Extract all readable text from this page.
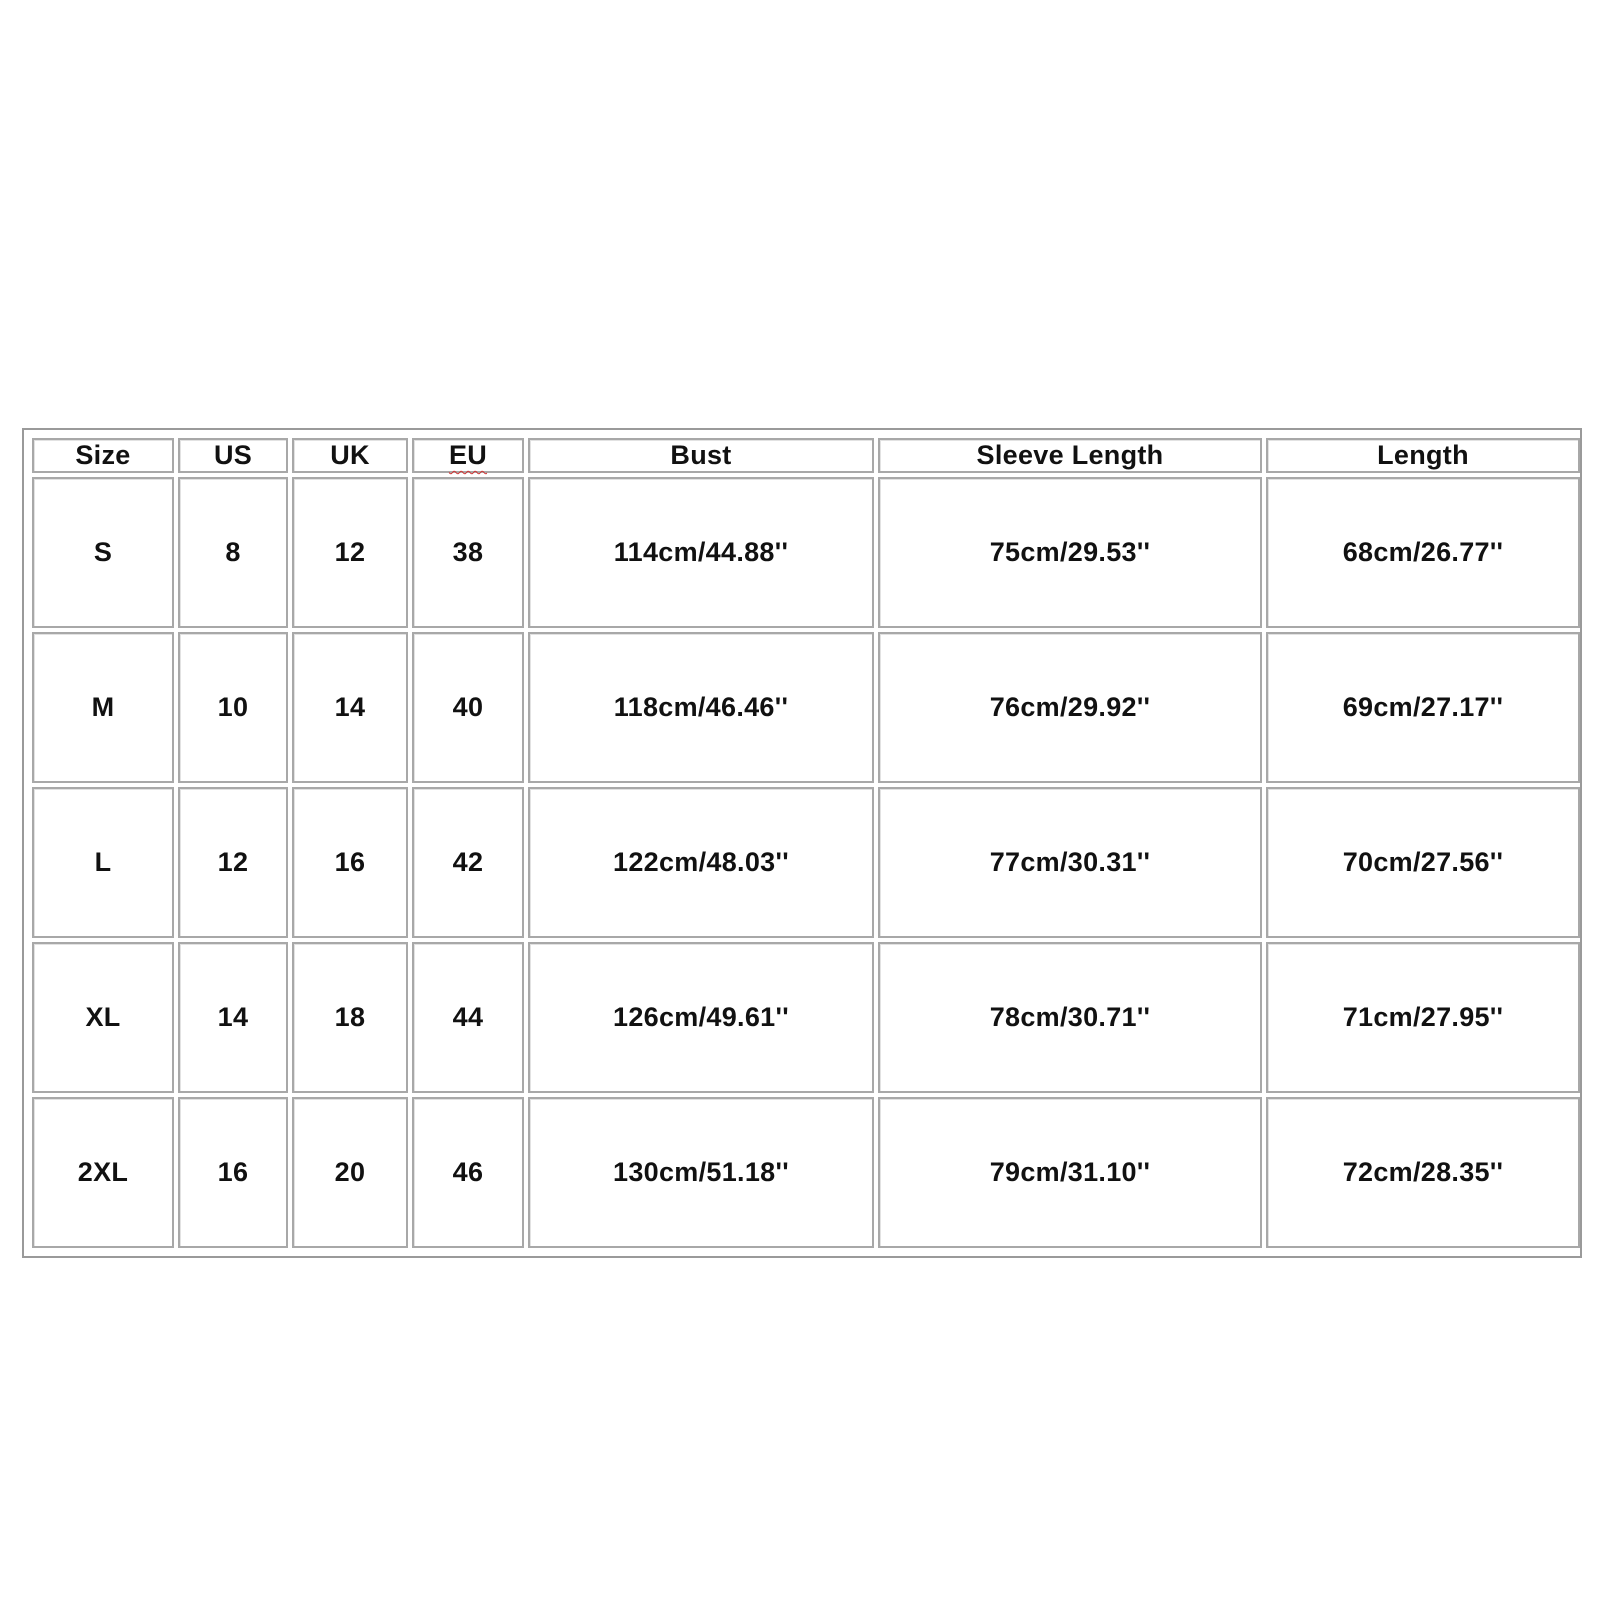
Size	US	UK	EU	Bust	Sleeve Length	Length
S	8	12	38	114cm/44.88''	75cm/29.53''	68cm/26.77''
M	10	14	40	118cm/46.46''	76cm/29.92''	69cm/27.17''
L	12	16	42	122cm/48.03''	77cm/30.31''	70cm/27.56''
XL	14	18	44	126cm/49.61''	78cm/30.71''	71cm/27.95''
2XL	16	20	46	130cm/51.18''	79cm/31.10''	72cm/28.35''
